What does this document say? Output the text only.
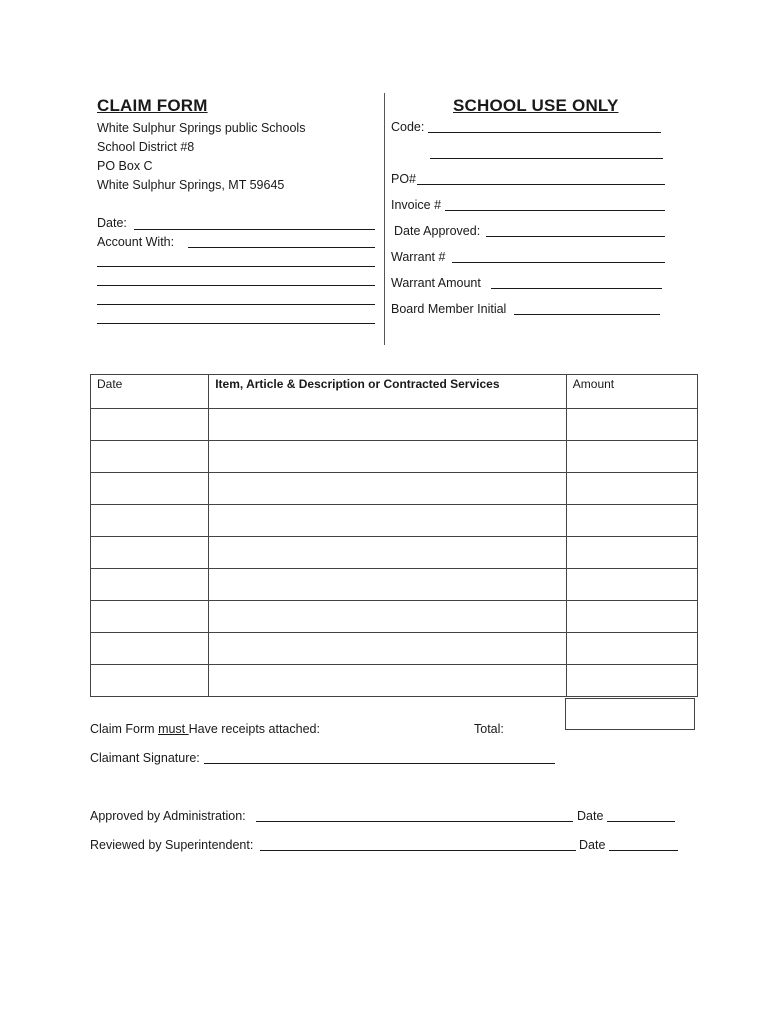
CLAIM FORM
White Sulphur Springs public Schools
School District #8
PO Box C
White Sulphur Springs, MT 59645
Date:
Account With:
SCHOOL USE ONLY
Code:
PO#
Invoice #
Date Approved:
Warrant #
Warrant Amount
Board Member Initial
Date	Item, Article & Description or Contracted Services	Amount

Claim Form must Have receipts attached:	Total:
Claimant Signature:
Approved by Administration:	Date
Reviewed by Superintendent:	Date
